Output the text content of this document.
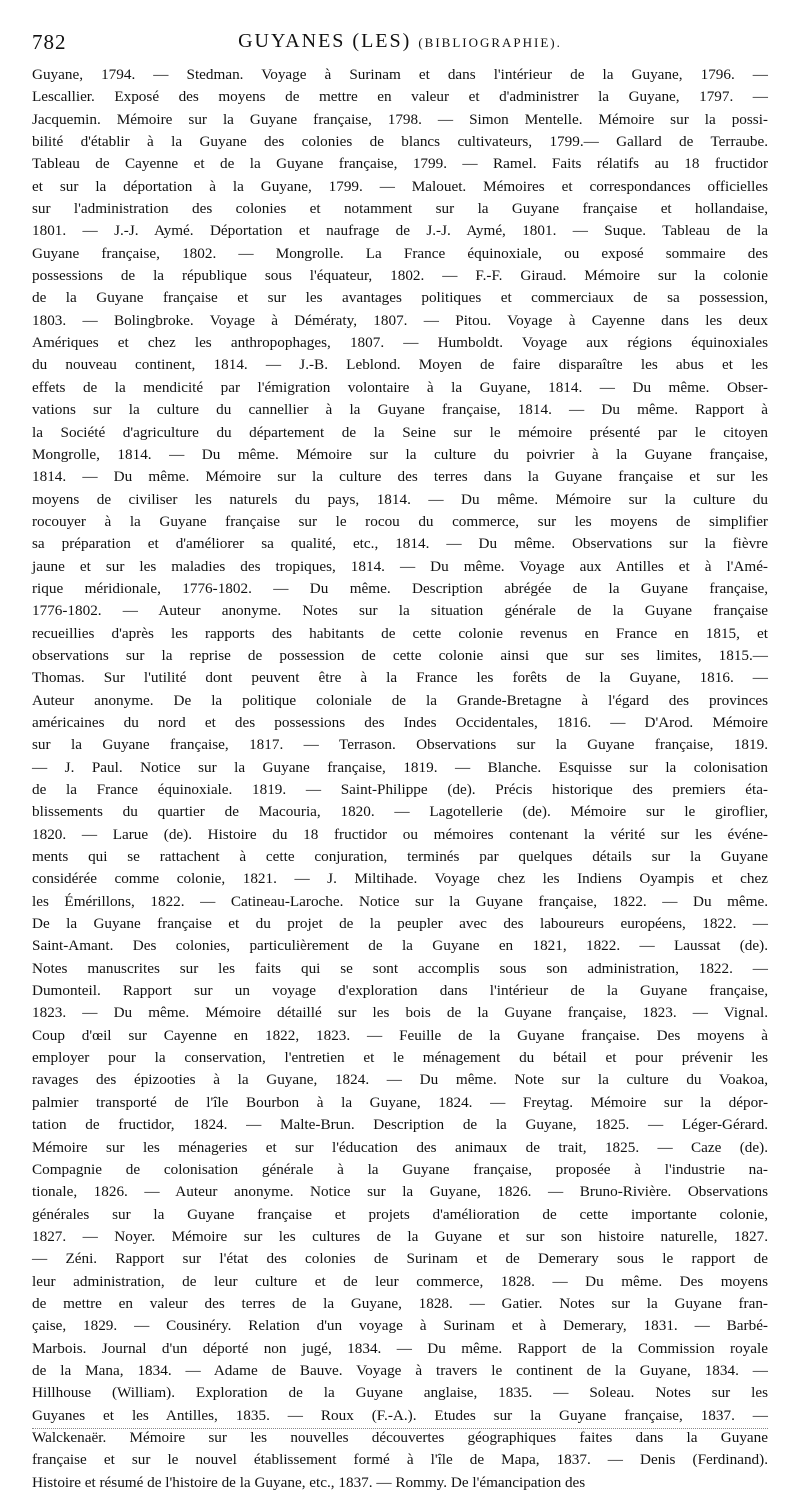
782	GUYANES (LES) (BIBLIOGRAPHIE).
Guyane, 1794. — Stedman. Voyage à Surinam et dans l'intérieur de la Guyane, 1796. —
Lescallier. Exposé des moyens de mettre en valeur et d'administrer la Guyane, 1797. —
Jacquemin. Mémoire sur la Guyane française, 1798. — Simon Mentelle. Mémoire sur la possi-
bilité d'établir à la Guyane des colonies de blancs cultivateurs, 1799.— Gallard de Terraube.
Tableau de Cayenne et de la Guyane française, 1799. — Ramel. Faits rélatifs au 18 fructidor
et sur la déportation à la Guyane, 1799. — Malouet. Mémoires et correspondances officielles
sur l'administration des colonies et notamment sur la Guyane française et hollandaise,
1801. — J.-J. Aymé. Déportation et naufrage de J.-J. Aymé, 1801. — Suque. Tableau de la
Guyane française, 1802. — Mongrolle. La France équinoxiale, ou exposé sommaire des
possessions de la république sous l'équateur, 1802. — F.-F. Giraud. Mémoire sur la colonie
de la Guyane française et sur les avantages politiques et commerciaux de sa possession,
1803. — Bolingbroke. Voyage à Démératy, 1807. — Pitou. Voyage à Cayenne dans les deux
Amériques et chez les anthropophages, 1807. — Humboldt. Voyage aux régions équinoxiales
du nouveau continent, 1814. — J.-B. Leblond. Moyen de faire disparaître les abus et les
effets de la mendicité par l'émigration volontaire à la Guyane, 1814. — Du même. Obser-
vations sur la culture du cannellier à la Guyane française, 1814. — Du même. Rapport à
la Société d'agriculture du département de la Seine sur le mémoire présenté par le citoyen
Mongrolle, 1814. — Du même. Mémoire sur la culture du poivrier à la Guyane française,
1814. — Du même. Mémoire sur la culture des terres dans la Guyane française et sur les
moyens de civiliser les naturels du pays, 1814. — Du même. Mémoire sur la culture du
rocouyer à la Guyane française sur le rocou du commerce, sur les moyens de simplifier
sa préparation et d'améliorer sa qualité, etc., 1814. — Du même. Observations sur la fièvre
jaune et sur les maladies des tropiques, 1814. — Du même. Voyage aux Antilles et à l'Amé-
rique méridionale, 1776-1802. — Du même. Description abrégée de la Guyane française,
1776-1802. — Auteur anonyme. Notes sur la situation générale de la Guyane française
recueillies d'après les rapports des habitants de cette colonie revenus en France en 1815, et
observations sur la reprise de possession de cette colonie ainsi que sur ses limites, 1815.—
Thomas. Sur l'utilité dont peuvent être à la France les forêts de la Guyane, 1816. —
Auteur anonyme. De la politique coloniale de la Grande-Bretagne à l'égard des provinces
américaines du nord et des possessions des Indes Occidentales, 1816. — D'Arod. Mémoire
sur la Guyane française, 1817. — Terrason. Observations sur la Guyane française, 1819.
— J. Paul. Notice sur la Guyane française, 1819. — Blanche. Esquisse sur la colonisation
de la France équinoxiale. 1819. — Saint-Philippe (de). Précis historique des premiers éta-
blissements du quartier de Macouria, 1820. — Lagotellerie (de). Mémoire sur le giroflier,
1820. — Larue (de). Histoire du 18 fructidor ou mémoires contenant la vérité sur les événe-
ments qui se rattachent à cette conjuration, terminés par quelques détails sur la Guyane
considérée comme colonie, 1821. — J. Miltihade. Voyage chez les Indiens Oyampis et chez
les Émérillons, 1822. — Catineau-Laroche. Notice sur la Guyane française, 1822. — Du même.
De la Guyane française et du projet de la peupler avec des laboureurs européens, 1822. —
Saint-Amant. Des colonies, particulièrement de la Guyane en 1821, 1822. — Laussat (de).
Notes manuscrites sur les faits qui se sont accomplis sous son administration, 1822. —
Dumonteil. Rapport sur un voyage d'exploration dans l'intérieur de la Guyane française,
1823. — Du même. Mémoire détaillé sur les bois de la Guyane française, 1823. — Vignal.
Coup d'œil sur Cayenne en 1822, 1823. — Feuille de la Guyane française. Des moyens à
employer pour la conservation, l'entretien et le ménagement du bétail et pour prévenir les
ravages des épizooties à la Guyane, 1824. — Du même. Note sur la culture du Voakoa,
palmier transporté de l'île Bourbon à la Guyane, 1824. — Freytag. Mémoire sur la dépor-
tation de fructidor, 1824. — Malte-Brun. Description de la Guyane, 1825. — Léger-Gérard.
Mémoire sur les ménageries et sur l'éducation des animaux de trait, 1825. — Caze (de).
Compagnie de colonisation générale à la Guyane française, proposée à l'industrie na-
tionale, 1826. — Auteur anonyme. Notice sur la Guyane, 1826. — Bruno-Rivière. Observations
générales sur la Guyane française et projets d'amélioration de cette importante colonie,
1827. — Noyer. Mémoire sur les cultures de la Guyane et sur son histoire naturelle, 1827.
— Zéni. Rapport sur l'état des colonies de Surinam et de Demerary sous le rapport de
leur administration, de leur culture et de leur commerce, 1828. — Du même. Des moyens
de mettre en valeur des terres de la Guyane, 1828. — Gatier. Notes sur la Guyane fran-
çaise, 1829. — Cousinéry. Relation d'un voyage à Surinam et à Demerary, 1831. — Barbé-
Marbois. Journal d'un déporté non jugé, 1834. — Du même. Rapport de la Commission royale
de la Mana, 1834. — Adame de Bauve. Voyage à travers le continent de la Guyane, 1834. —
Hillhouse (William). Exploration de la Guyane anglaise, 1835. — Soleau. Notes sur les
Guyanes et les Antilles, 1835. — Roux (F.-A.). Etudes sur la Guyane française, 1837. —
Walckenaër. Mémoire sur les nouvelles découvertes géographiques faites dans la Guyane
française et sur le nouvel établissement formé à l'île de Mapa, 1837. — Denis (Ferdinand).
Histoire et résumé de l'histoire de la Guyane, etc., 1837. — Rommy. De l'émancipation des
